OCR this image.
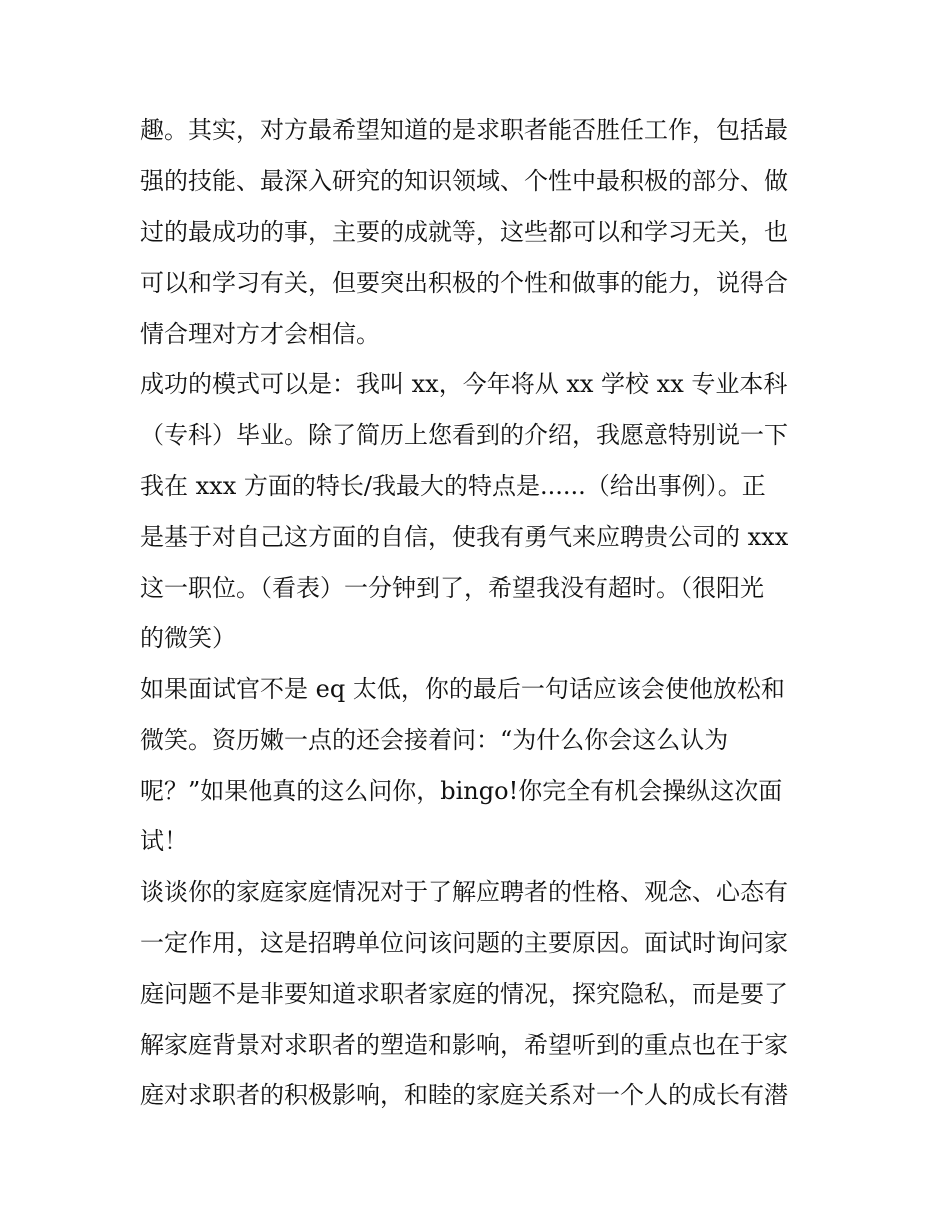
趣。其实，对方最希望知道的是求职者能否胜任工作，包括最
强的技能、最深入研究的知识领域、个性中最积极的部分、做
过的最成功的事，主要的成就等，这些都可以和学习无关，也
可以和学习有关，但要突出积极的个性和做事的能力，说得合
情合理对方才会相信。
成功的模式可以是：我叫 xx，今年将从 xx 学校 xx 专业本科
（专科）毕业。除了简历上您看到的介绍，我愿意特别说一下
我在 xxx 方面的特长/我最大的特点是......（给出事例）。正
是基于对自己这方面的自信，使我有勇气来应聘贵公司的 xxx
这一职位。（看表）一分钟到了，希望我没有超时。（很阳光
的微笑）
如果面试官不是 eq 太低，你的最后一句话应该会使他放松和
微笑。资历嫩一点的还会接着问：“为什么你会这么认为
呢？”如果他真的这么问你，bingo!你完全有机会操纵这次面
试！
谈谈你的家庭家庭情况对于了解应聘者的性格、观念、心态有
一定作用，这是招聘单位问该问题的主要原因。面试时询问家
庭问题不是非要知道求职者家庭的情况，探究隐私，而是要了
解家庭背景对求职者的塑造和影响，希望听到的重点也在于家
庭对求职者的积极影响，和睦的家庭关系对一个人的成长有潜
